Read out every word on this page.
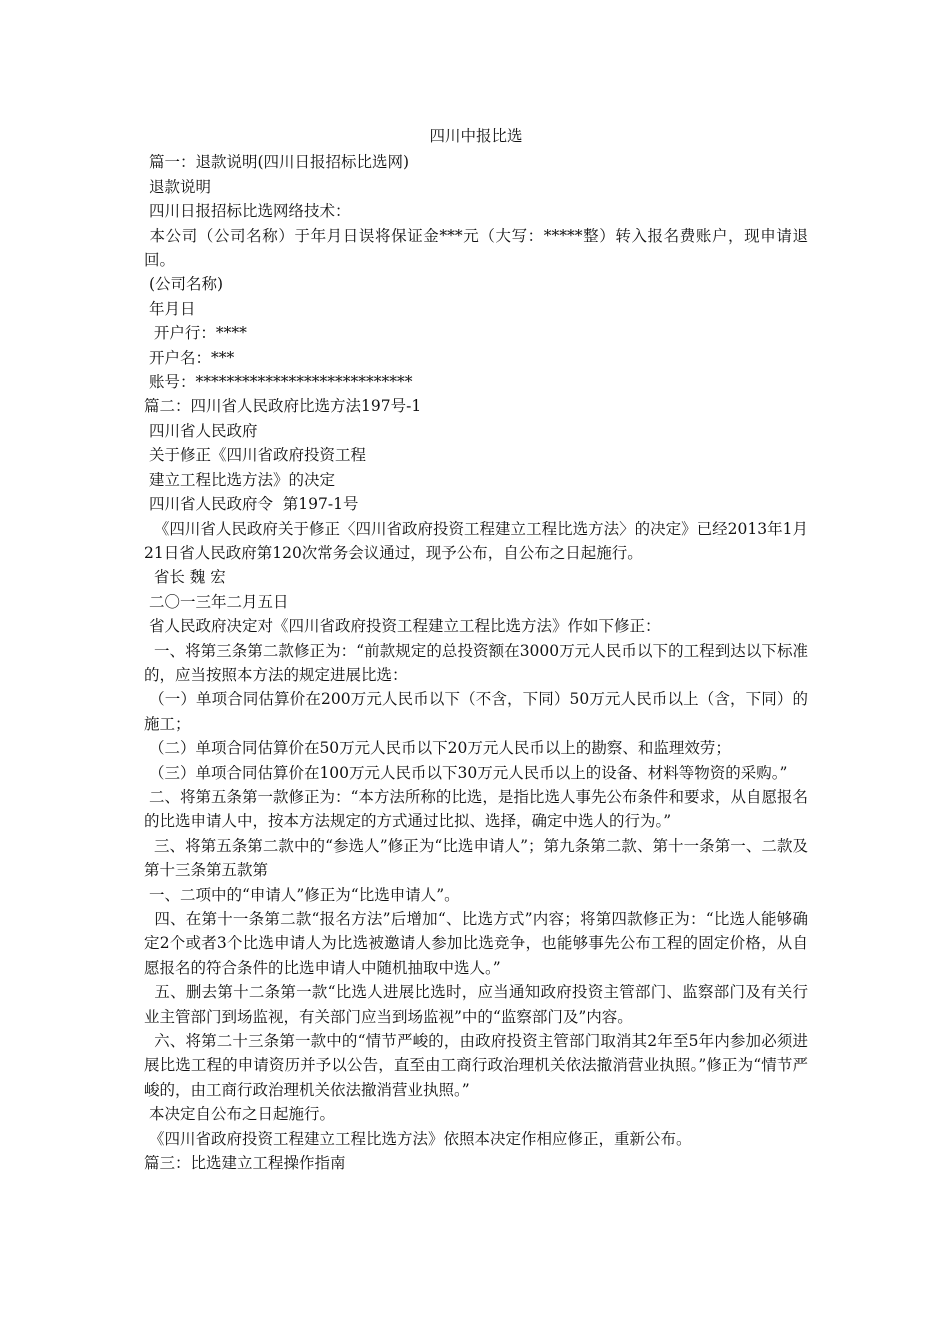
四川中报比选
篇一：退款说明(四川日报招标比选网)
退款说明
四川日报招标比选网络技术：
本公司（公司名称）于年月日误将保证金***元（大写：*****整）转入报名费账户，现申请退回。
(公司名称)
年月日
开户行：****
开户名：***
账号：****************************
篇二：四川省人民政府比选方法197号-1
四川省人民政府
关于修正《四川省政府投资工程
建立工程比选方法》的决定
四川省人民政府令  第197-1号
《四川省人民政府关于修正〈四川省政府投资工程建立工程比选方法〉的决定》已经2013年1月21日省人民政府第120次常务会议通过，现予公布，自公布之日起施行。
省长 魏 宏
二〇一三年二月五日
省人民政府决定对《四川省政府投资工程建立工程比选方法》作如下修正：
一、将第三条第二款修正为：“前款规定的总投资额在3000万元人民币以下的工程到达以下标准的，应当按照本方法的规定进展比选：
（一）单项合同估算价在200万元人民币以下（不含，下同）50万元人民币以上（含，下同）的施工；
（二）单项合同估算价在50万元人民币以下20万元人民币以上的勘察、和监理效劳；
（三）单项合同估算价在100万元人民币以下30万元人民币以上的设备、材料等物资的采购。”
二、将第五条第一款修正为：“本方法所称的比选，是指比选人事先公布条件和要求，从自愿报名的比选申请人中，按本方法规定的方式通过比拟、选择，确定中选人的行为。”
三、将第五条第二款中的“参选人”修正为“比选申请人”；第九条第二款、第十一条第一、二款及第十三条第五款第
一、二项中的“申请人”修正为“比选申请人”。
四、在第十一条第二款“报名方法”后增加“、比选方式”内容；将第四款修正为：“比选人能够确定2个或者3个比选申请人为比选被邀请人参加比选竞争，也能够事先公布工程的固定价格，从自愿报名的符合条件的比选申请人中随机抽取中选人。”
五、删去第十二条第一款“比选人进展比选时，应当通知政府投资主管部门、监察部门及有关行业主管部门到场监视，有关部门应当到场监视”中的“监察部门及”内容。
六、将第二十三条第一款中的“情节严峻的，由政府投资主管部门取消其2年至5年内参加必须进展比选工程的申请资历并予以公告，直至由工商行政治理机关依法撤消营业执照。”修正为“情节严峻的，由工商行政治理机关依法撤消营业执照。”
本决定自公布之日起施行。
《四川省政府投资工程建立工程比选方法》依照本决定作相应修正，重新公布。
篇三：比选建立工程操作指南
